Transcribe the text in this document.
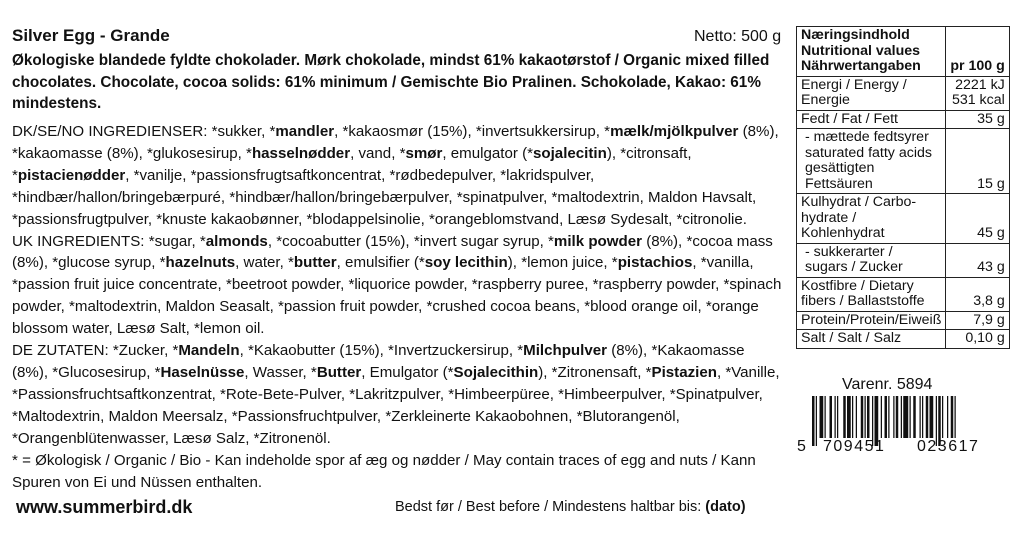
Silver Egg - Grande	Netto: 500 g
Økologiske blandede fyldte chokolader. Mørk chokolade, mindst 61% kakaotørstof / Organic mixed filled chocolates. Chocolate, cocoa solids: 61% minimum / Gemischte Bio Pralinen. Schokolade, Kakao: 61% mindestens.

DK/SE/NO INGREDIENSER: *sukker, *mandler, *kakaosmør (15%), *invertsukkersirup, *mælk/mjölkpulver (8%), *kakaomasse (8%), *glukosesirup, *hasselnødder, vand, *smør, emulgator (*sojalecitin), *citronsaft, *pistacienødder, *vanilje, *passionsfrugtsaftkoncentrat, *rødbedepulver, *lakridspulver, *hindbær/hallon/bringebærpuré, *hindbær/hallon/bringebærpulver, *spinatpulver, *maltodextrin, Maldon Havsalt, *passionsfrugtpulver, *knuste kakaobønner, *blodappelsinolie, *orangeblomstvand, Læsø Sydesalt, *citronolie.

UK INGREDIENTS: *sugar, *almonds, *cocoabutter (15%), *invert sugar syrup, *milk powder (8%), *cocoa mass (8%), *glucose syrup, *hazelnuts, water, *butter, emulsifier (*soy lecithin), *lemon juice, *pistachios, *vanilla, *passion fruit juice concentrate, *beetroot powder, *liquorice powder, *raspberry puree, *raspberry powder, *spinach powder, *maltodextrin, Maldon Seasalt, *passion fruit powder, *crushed cocoa beans, *blood orange oil, *orange blossom water, Læsø Salt, *lemon oil.

DE ZUTATEN: *Zucker, *Mandeln, *Kakaobutter (15%), *Invertzuckersirup, *Milchpulver (8%), *Kakaomasse (8%), *Glucosesirup, *Haselnüsse, Wasser, *Butter, Emulgator (*Sojalecithin), *Zitronensaft, *Pistazien, *Vanille, *Passionsfruchtsaftkonzentrat, *Rote-Bete-Pulver, *Lakritzpulver, *Himbeerpüree, *Himbeerpulver, *Spinatpulver, *Maltodextrin, Maldon Meersalz, *Passionsfruchtpulver, *Zerkleinerte Kakaobohnen, *Blutorangenöl, *Orangenblütenwasser, Læsø Salz, *Zitronenöl.

* = Økologisk / Organic / Bio - Kan indeholde spor af æg og nødder / May contain traces of egg and nuts / Kann Spuren von Ei und Nüssen enthalten.

www.summerbird.dk	Bedst før / Best before / Mindestens haltbar bis: (dato)
Næringsindhold
Nutritional values
Nährwertangaben	pr 100 g
Energi / Energy /
Energie	2221 kJ
531 kcal
Fedt / Fat / Fett	35 g
- mættede fedtsyrer
saturated fatty acids
gesättigten Fettsäuren	15 g
Kulhydrat / Carbo-
hydrate / Kohlenhydrat	45 g
- sukkerarter /
sugars / Zucker	43 g
Kostfibre / Dietary
fibers / Ballaststoffe	3,8 g
Protein/Protein/Eiweiß	7,9 g
Salt / Salt / Salz	0,10 g
Varenr. 5894
5 709451 023617
